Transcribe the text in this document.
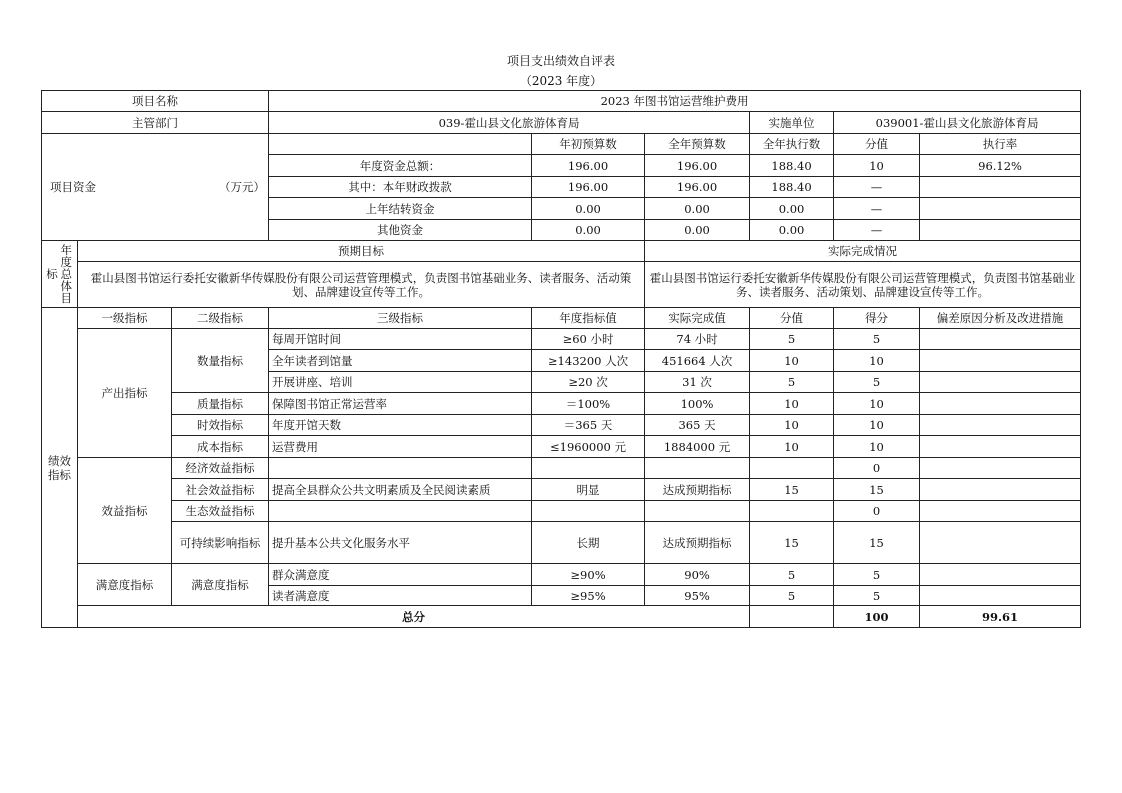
项目支出绩效自评表
（2023 年度）
项目名称			2023 年图书馆运营维护费用						
主管部门			039-霍山县文化旅游体育局			实施单位	039001-霍山县文化旅游体育局		
项目资金 （万元）				年初预算数	全年预算数	全年执行数	分值	执行率	
			年度资金总额：	196.00	196.00	188.40	10	96.12%	
			其中：本年财政拨款	196.00	196.00	188.40	—		
			上年结转资金	0.00	0.00	0.00	—		
			其他资金	0.00	0.00	0.00	—		

标
年度总体目	预期目标				实际完成情况				
	霍山县图书馆运行委托安徽新华传媒股份有限公司运营管理模式，负责图书馆基础业务、读者服务、活动策划、品牌建设宣传等工作。				霍山县图书馆运行委托安徽新华传媒股份有限公司运营管理模式，负责图书馆基础业务、读者服务、活动策划、品牌建设宣传等工作。				
绩效指标	一级指标	二级指标	三级指标	年度指标值	实际完成值	分值	得分	偏差原因分析及改进措施	
	产出指标	数量指标	每周开馆时间	≥60 小时	74 小时	5	5		
			全年读者到馆量	≥143200 人次	451664 人次	10	10		
			开展讲座、培训	≥20 次	31 次	5	5		
		质量指标	保障图书馆正常运营率	＝100%	100%	10	10		
		时效指标	年度开馆天数	＝365 天	365 天	10	10		
		成本指标	运营费用	≤1960000 元	1884000 元	10	10		
	效益指标	经济效益指标					0		
		社会效益指标	提高全县群众公共文明素质及全民阅读素质	明显	达成预期指标	15	15		
		生态效益指标					0		
		可持续影响指标	提升基本公共文化服务水平	长期	达成预期指标	15	15		
	满意度指标	满意度指标	群众满意度	≥90%	90%	5	5		
			读者满意度	≥95%	95%	5	5		
	总分						100	99.61	
